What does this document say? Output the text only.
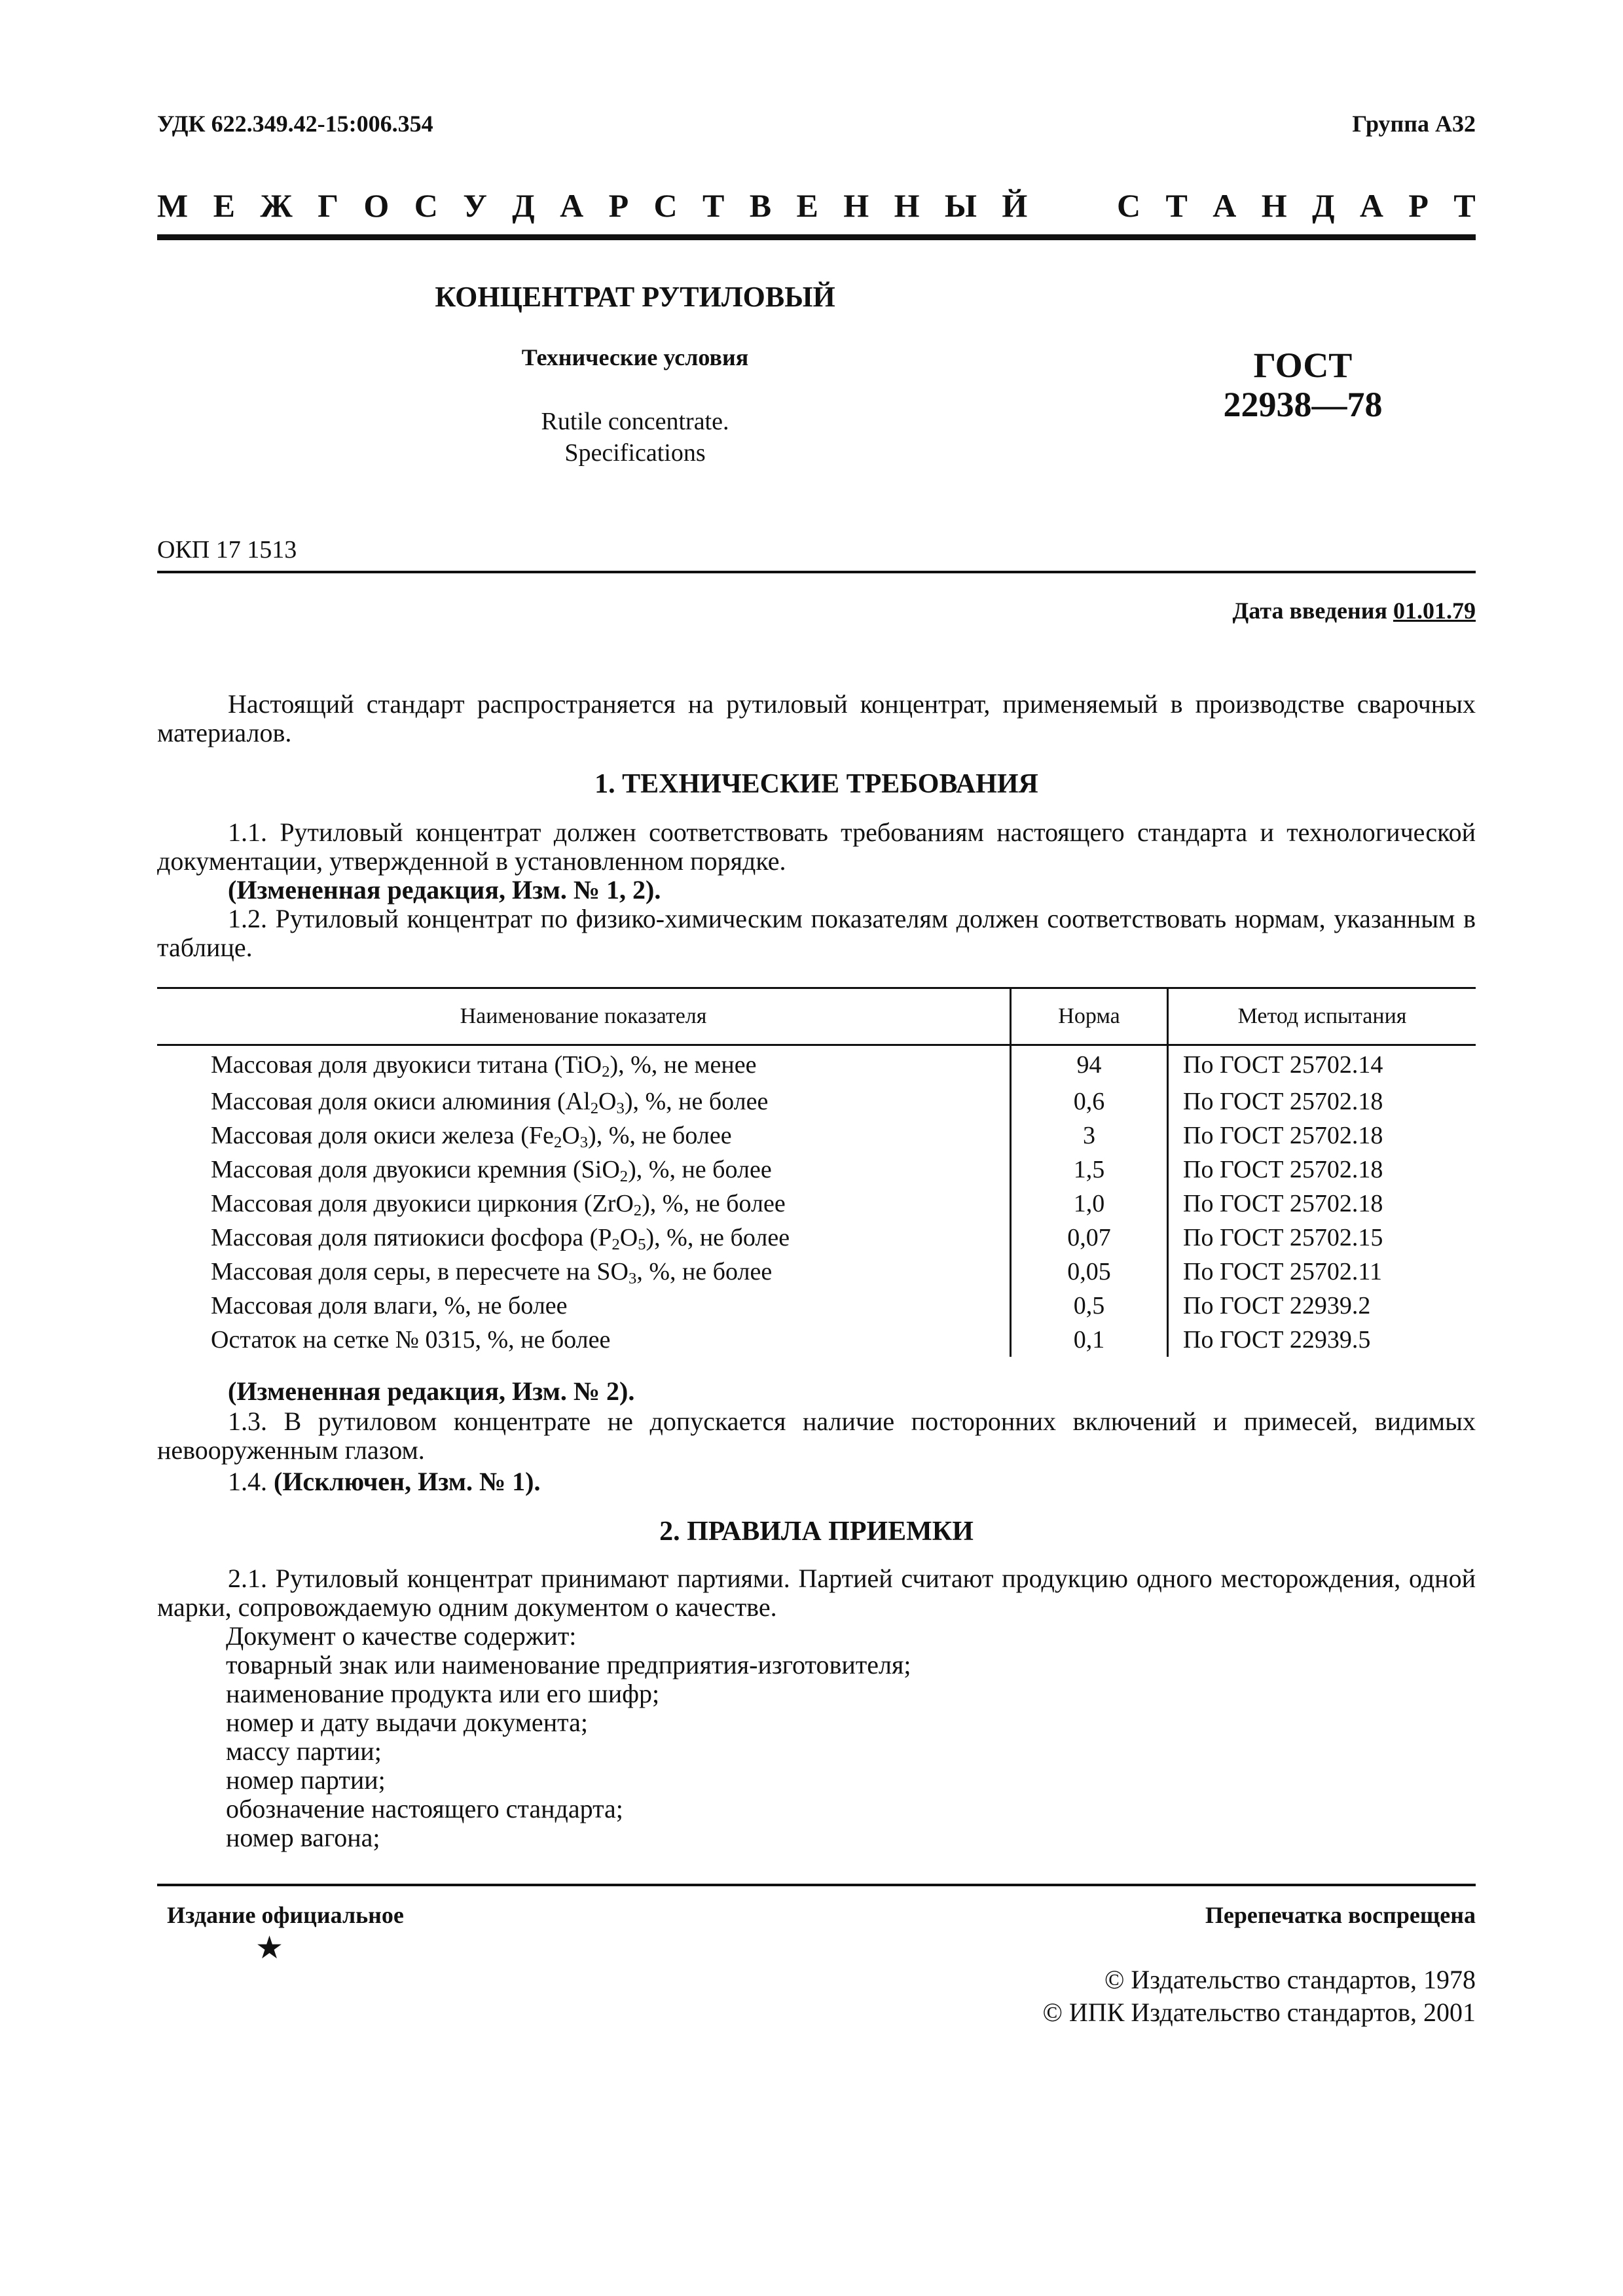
УДК 622.349.42-15:006.354	Группа А32
М Е Ж Г О С У Д А Р С Т В Е Н Н Ы Й	С Т А Н Д А Р Т
КОНЦЕНТРАТ РУТИЛОВЫЙ
Технические условия
Rutile concentrate.
Specifications
ГОСТ
22938—78
ОКП 17 1513
Дата введения 01.01.79
Настоящий стандарт распространяется на рутиловый концентрат, применяемый в производстве сварочных материалов.
1. ТЕХНИЧЕСКИЕ ТРЕБОВАНИЯ
1.1. Рутиловый концентрат должен соответствовать требованиям настоящего стандарта и технологической документации, утвержденной в установленном порядке.
(Измененная редакция, Изм. № 1, 2).
1.2. Рутиловый концентрат по физико-химическим показателям должен соответствовать нормам, указанным в таблице.
Наименование показателя	Норма	Метод испытания
Массовая доля двуокиси титана (TiO$_2$), %, не менее	94	По ГОСТ 25702.14
Массовая доля окиси алюминия $(Al_2O_3)$, %, не более	0,6	По ГОСТ 25702.18
Массовая доля окиси железа $(Fe_2O_3)$, %, не более	3	По ГОСТ 25702.18
Массовая доля двуокиси кремния (SiO$_2$), %, не более	1,5	По ГОСТ 25702.18
Массовая доля двуокиси циркония (ZrO$_2$), %, не более	1,0	По ГОСТ 25702.18
Массовая доля пятиокиси фосфора $(P_2O_5)$, %, не более	0,07	По ГОСТ 25702.15
Массовая доля серы, в пересчете на $SO_3$, %, не более	0,05	По ГОСТ 25702.11
Массовая доля влаги, %, не более	0,5	По ГОСТ 22939.2
Остаток на сетке № 0315, %, не более	0,1	По ГОСТ 22939.5
(Измененная редакция, Изм. № 2).
1.3. В рутиловом концентрате не допускается наличие посторонних включений и примесей, видимых невооруженным глазом.
1.4. (Исключен, Изм. № 1).
2. ПРАВИЛА ПРИЕМКИ
2.1. Рутиловый концентрат принимают партиями. Партией считают продукцию одного месторождения, одной марки, сопровождаемую одним документом о качестве.
Документ о качестве содержит:
товарный знак или наименование предприятия-изготовителя;
наименование продукта или его шифр;
номер и дату выдачи документа;
массу партии;
номер партии;
обозначение настоящего стандарта;
номер вагона;
Издание официальное	Перепечатка воспрещена
★
© Издательство стандартов, 1978
© ИПК Издательство стандартов, 2001
